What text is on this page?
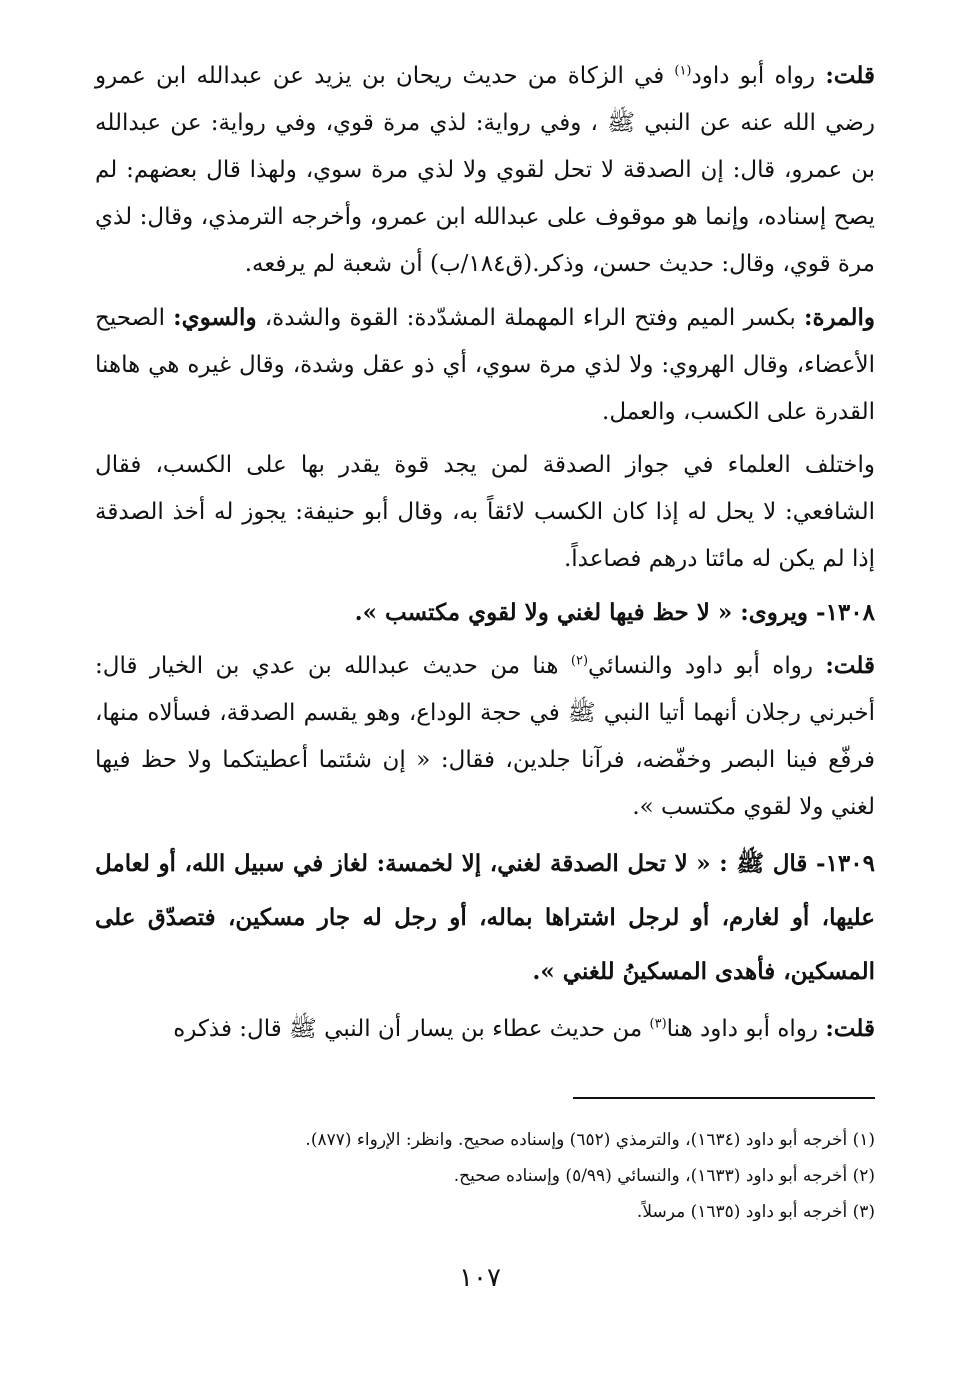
قلت: رواه أبو داود$^{(١)}$ في الزكاة من حديث ريحان بن يزيد عن عبدالله ابن عمرو رضي الله عنه عن النبي ﷺ ، وفي رواية: لذي مرة قوي، وفي رواية: عن عبدالله بن عمرو، قال: إن الصدقة لا تحل لقوي ولا لذي مرة سوي، ولهذا قال بعضهم: لم يصح إسناده، وإنما هو موقوف على عبدالله ابن عمرو، وأخرجه الترمذي، وقال: لذي مرة قوي، وقال: حديث حسن، وذكر.(ق١٨٤/ب) أن شعبة لم يرفعه.

والمرة: بكسر الميم وفتح الراء المهملة المشدّدة: القوة والشدة، والسوي: الصحيح الأعضاء، وقال الهروي: ولا لذي مرة سوي، أي ذو عقل وشدة، وقال غيره هي هاهنا القدرة على الكسب، والعمل.

واختلف العلماء في جواز الصدقة لمن يجد قوة يقدر بها على الكسب، فقال الشافعي: لا يحل له إذا كان الكسب لائقاً به، وقال أبو حنيفة: يجوز له أخذ الصدقة إذا لم يكن له مائتا درهم فصاعداً.

١٣٠٨- ويروى: « لا حظ فيها لغني ولا لقوي مكتسب ».

قلت: رواه أبو داود والنسائي$^{(٢)}$ هنا من حديث عبدالله بن عدي بن الخيار قال: أخبرني رجلان أنهما أتيا النبي ﷺ في حجة الوداع، وهو يقسم الصدقة، فسألاه منها، فرفّع فينا البصر وخفّضه، فرآنا جلدين، فقال: « إن شئتما أعطيتكما ولا حظ فيها لغني ولا لقوي مكتسب ».

١٣٠٩- قال ﷺ : « لا تحل الصدقة لغني، إلا لخمسة: لغاز في سبيل الله، أو لعامل عليها، أو لغارم، أو لرجل اشتراها بماله، أو رجل له جار مسكين، فتصدّق على المسكين، فأهدى المسكينُ للغني ».

قلت: رواه أبو داود هنا$^{(٣)}$ من حديث عطاء بن يسار أن النبي ﷺ قال: فذكره

(١) أخرجه أبو داود (١٦٣٤)، والترمذي (٦٥٢) وإسناده صحيح. وانظر: الإرواء (٨٧٧).

(٢) أخرجه أبو داود (١٦٣٣)، والنسائي (٥/٩٩) وإسناده صحيح.

(٣) أخرجه أبو داود (١٦٣٥) مرسلاً.

١٠٧
